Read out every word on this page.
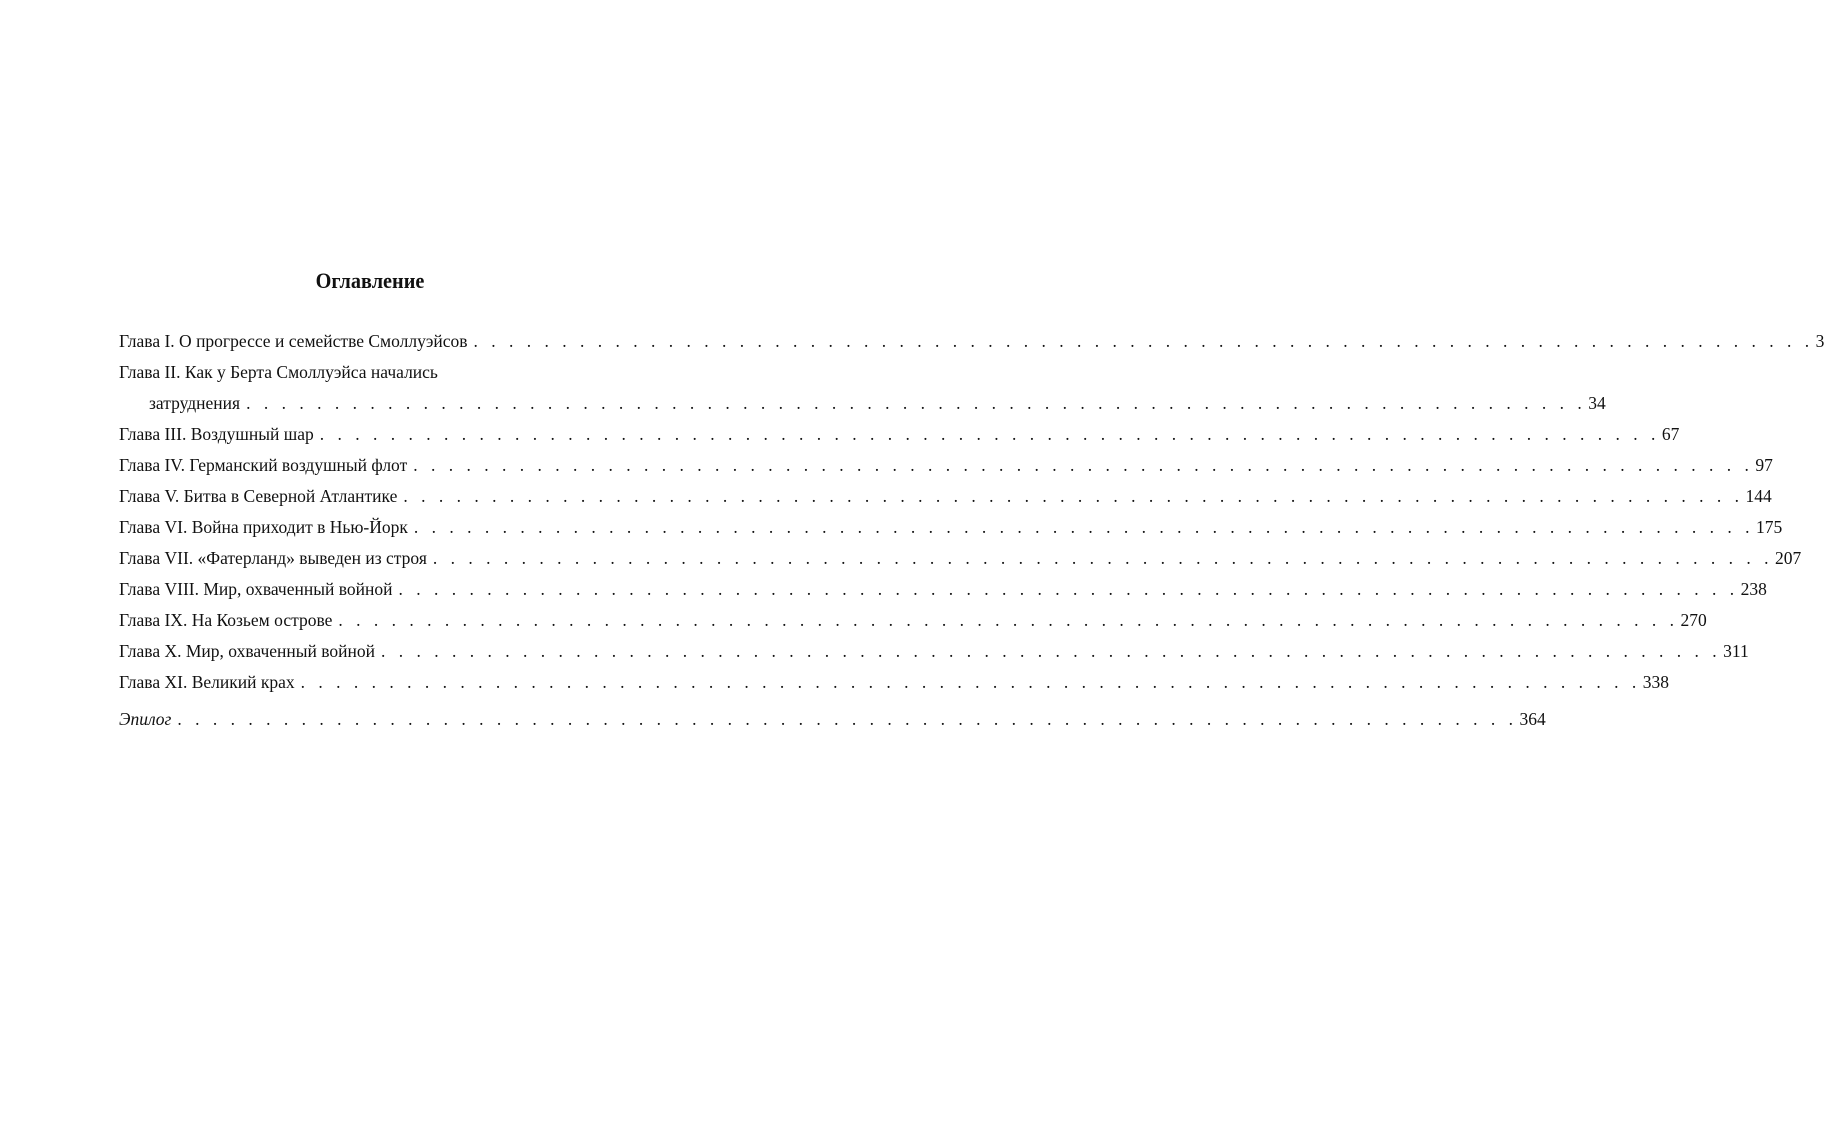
Оглавление
Глава I. О прогрессе и семействе Смоллуэйсов . . . . . . . . . . . . . . . . . . . . . . . . . . . . . . . . . . . . . . . . . . . . . . . . . . . . . . . . . . . . . . . . . . . . . . . . . . . . 3
Глава II. Как у Берта Смоллуэйса начались
затруднения . . . . . . . . . . . . . . . . . . . . . . . . . . . . . . . . . . . . . . . . . . . . . . . . . . . . . . . . . . . . . . . . . . . . . . . . . . . . 34
Глава III. Воздушный шар . . . . . . . . . . . . . . . . . . . . . . . . . . . . . . . . . . . . . . . . . . . . . . . . . . . . . . . . . . . . . . . . . . . . . . . . . . . . 67
Глава IV. Германский воздушный флот . . . . . . . . . . . . . . . . . . . . . . . . . . . . . . . . . . . . . . . . . . . . . . . . . . . . . . . . . . . . . . . . . . . . . . . . . . . . 97
Глава V. Битва в Северной Атлантике . . . . . . . . . . . . . . . . . . . . . . . . . . . . . . . . . . . . . . . . . . . . . . . . . . . . . . . . . . . . . . . . . . . . . . . . . . . . 144
Глава VI. Война приходит в Нью-Йорк . . . . . . . . . . . . . . . . . . . . . . . . . . . . . . . . . . . . . . . . . . . . . . . . . . . . . . . . . . . . . . . . . . . . . . . . . . . . 175
Глава VII. «Фатерланд» выведен из строя . . . . . . . . . . . . . . . . . . . . . . . . . . . . . . . . . . . . . . . . . . . . . . . . . . . . . . . . . . . . . . . . . . . . . . . . . . . . 207
Глава VIII. Мир, охваченный войной . . . . . . . . . . . . . . . . . . . . . . . . . . . . . . . . . . . . . . . . . . . . . . . . . . . . . . . . . . . . . . . . . . . . . . . . . . . . 238
Глава IX. На Козьем острове . . . . . . . . . . . . . . . . . . . . . . . . . . . . . . . . . . . . . . . . . . . . . . . . . . . . . . . . . . . . . . . . . . . . . . . . . . . . 270
Глава X. Мир, охваченный войной . . . . . . . . . . . . . . . . . . . . . . . . . . . . . . . . . . . . . . . . . . . . . . . . . . . . . . . . . . . . . . . . . . . . . . . . . . . . 311
Глава XI. Великий крах . . . . . . . . . . . . . . . . . . . . . . . . . . . . . . . . . . . . . . . . . . . . . . . . . . . . . . . . . . . . . . . . . . . . . . . . . . . . 338
Эпилог . . . . . . . . . . . . . . . . . . . . . . . . . . . . . . . . . . . . . . . . . . . . . . . . . . . . . . . . . . . . . . . . . . . . . . . . . . . . 364
